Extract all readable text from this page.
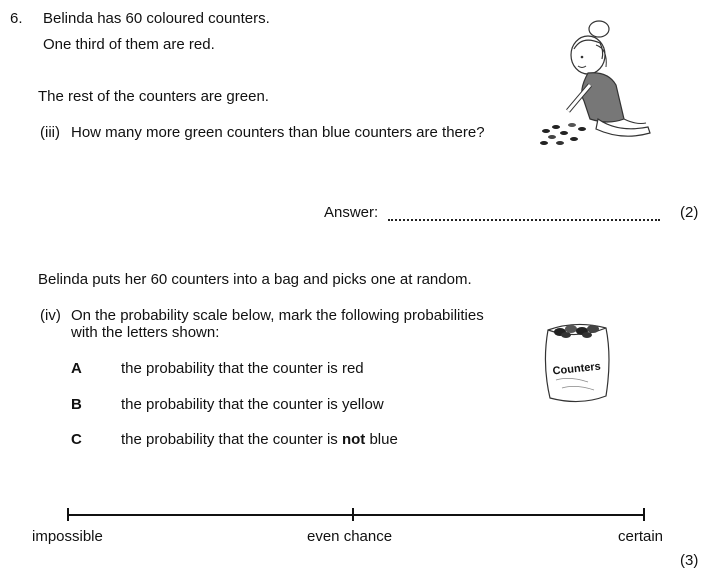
6. Belinda has 60 coloured counters.
One third of them are red.
The rest of the counters are green.
(iii) How many more green counters than blue counters are there?
Answer:	(2)
Belinda puts her 60 counters into a bag and picks one at random.
(iv) On the probability scale below, mark the following probabilities
with the letters shown:
A	the probability that the counter is red
B	the probability that the counter is yellow
C	the probability that the counter is not blue
Counters
impossible	even chance	certain
(3)
